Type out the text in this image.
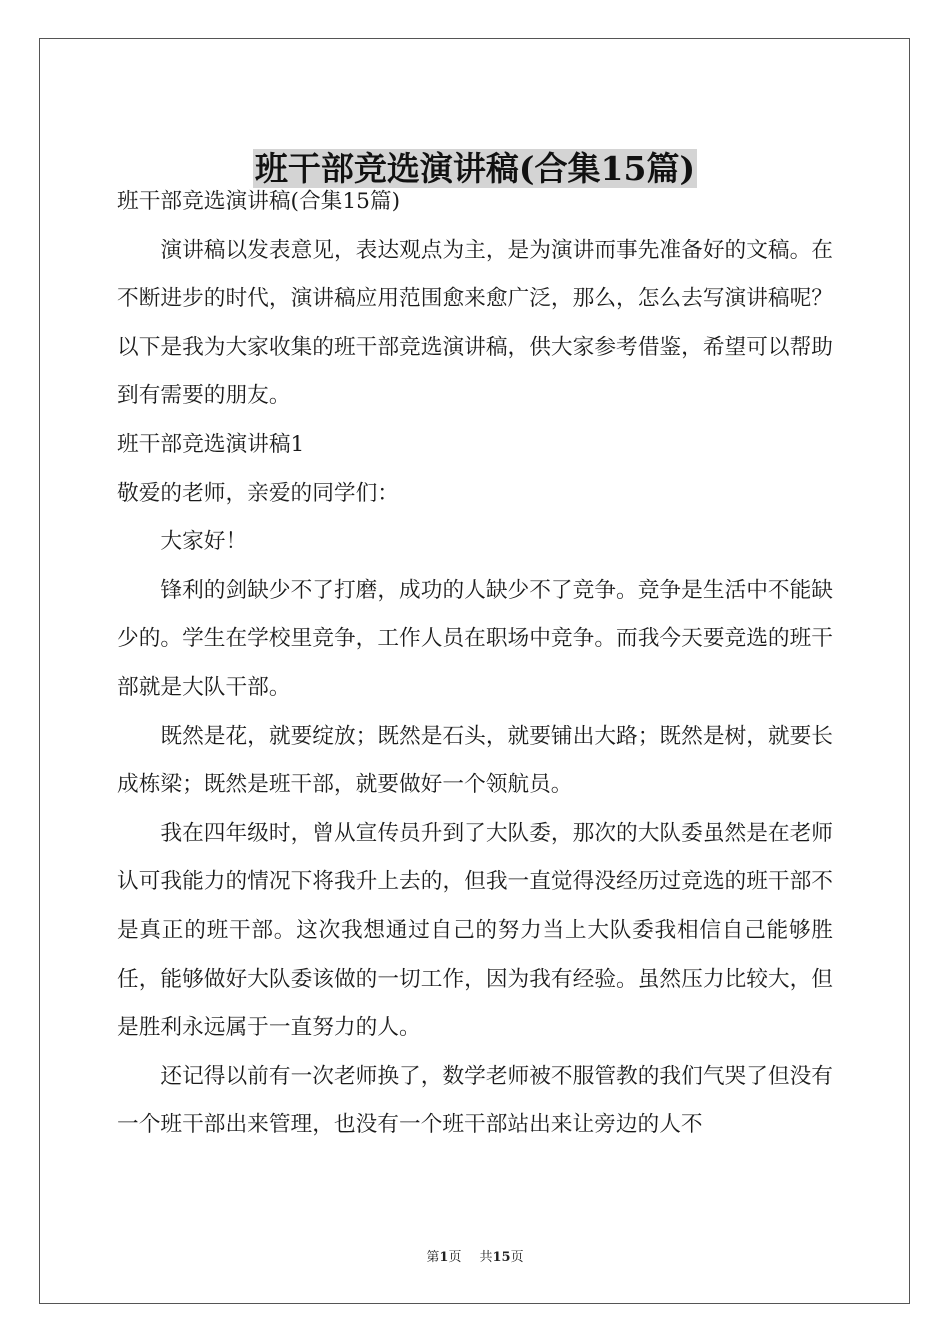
班干部竞选演讲稿(合集15篇)

班干部竞选演讲稿(合集15篇)

演讲稿以发表意见，表达观点为主，是为演讲而事先准备好的文稿。在不断进步的时代，演讲稿应用范围愈来愈广泛，那么，怎么去写演讲稿呢？以下是我为大家收集的班干部竞选演讲稿，供大家参考借鉴，希望可以帮助到有需要的朋友。

班干部竞选演讲稿1

敬爱的老师，亲爱的同学们：

大家好！

锋利的剑缺少不了打磨，成功的人缺少不了竞争。竞争是生活中不能缺少的。学生在学校里竞争，工作人员在职场中竞争。而我今天要竞选的班干部就是大队干部。

既然是花，就要绽放；既然是石头，就要铺出大路；既然是树，就要长成栋梁；既然是班干部，就要做好一个领航员。

我在四年级时，曾从宣传员升到了大队委，那次的大队委虽然是在老师认可我能力的情况下将我升上去的，但我一直觉得没经历过竞选的班干部不是真正的班干部。这次我想通过自己的努力当上大队委我相信自己能够胜任，能够做好大队委该做的一切工作，因为我有经验。虽然压力比较大，但是胜利永远属于一直努力的人。

还记得以前有一次老师换了，数学老师被不服管教的我们气哭了但没有一个班干部出来管理，也没有一个班干部站出来让旁边的人不

第1页 共15页
